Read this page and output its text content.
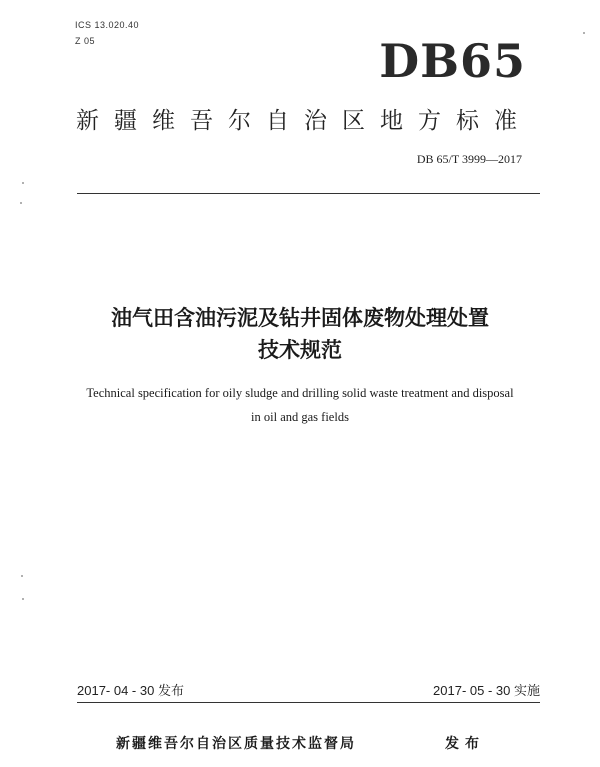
ICS 13.020.40
Z 05	DB65
新疆维吾尔自治区地方标准
DB 65/T 3999—2017
油气田含油污泥及钻井固体废物处理处置
技术规范
Technical specification for oily sludge and drilling solid waste treatment and disposal
in oil and gas fields
2017- 04 - 30 发布	2017- 05 - 30 实施
新疆维吾尔自治区质量技术监督局	发布
